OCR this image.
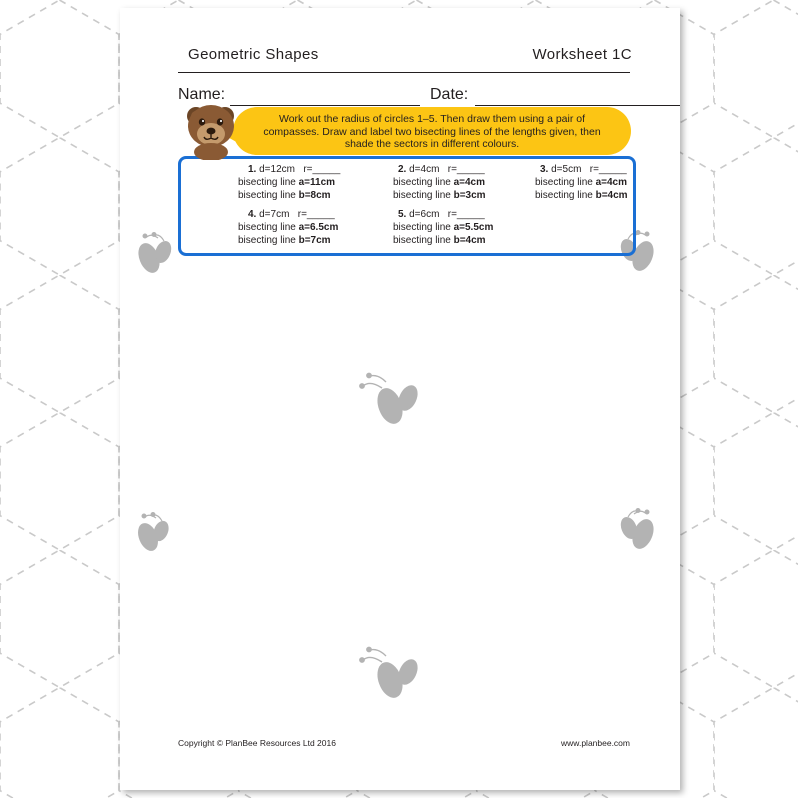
Geometric Shapes	Worksheet 1C
Name:	Date:
1. d=12cm r=_____
bisecting line a=11cm
bisecting line b=8cm
2. d=4cm r=_____
bisecting line a=4cm
bisecting line b=3cm
3. d=5cm r=_____
bisecting line a=4cm
bisecting line b=4cm
4. d=7cm r=_____
bisecting line a=6.5cm
bisecting line b=7cm
5. d=6cm r=_____
bisecting line a=5.5cm
bisecting line b=4cm
Work out the radius of circles 1–5. Then draw them using a pair of compasses. Draw and label two bisecting lines of the lengths given, then shade the sectors in different colours.
Copyright © PlanBee Resources Ltd 2016	www.planbee.com
